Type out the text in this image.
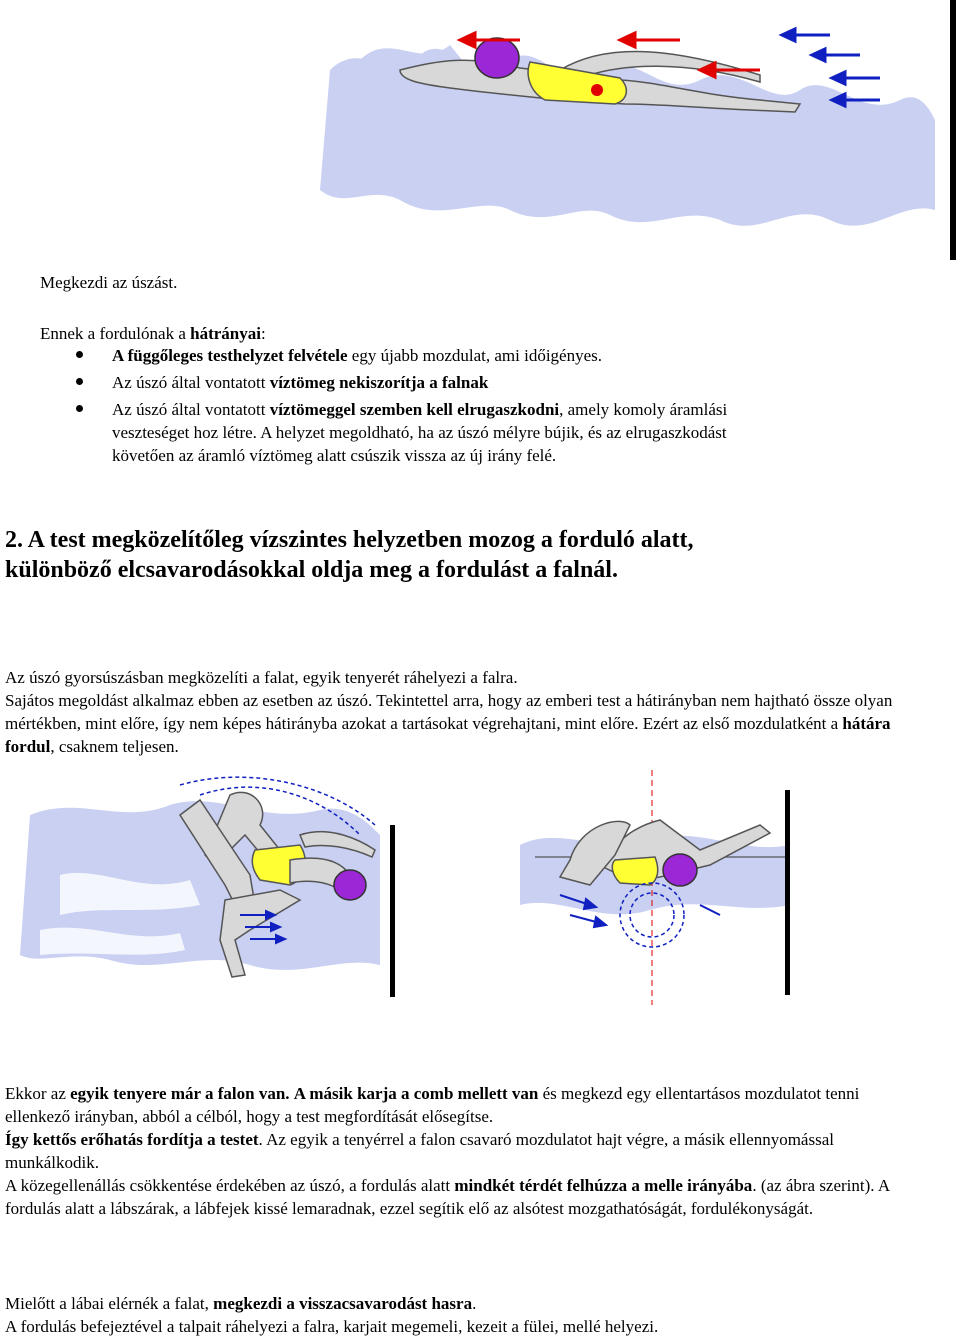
Megkezdi az úszást.
Ennek a fordulónak a hátrányai:
A függőleges testhelyzet felvétele egy újabb mozdulat, ami időigényes.
Az úszó által vontatott víztömeg nekiszorítja a falnak
Az úszó által vontatott víztömeggel szemben kell elrugaszkodni, amely komoly áramlási
veszteséget hoz létre. A helyzet megoldható, ha az úszó mélyre bújik, és az elrugaszkodást
követően az áramló víztömeg alatt csúszik vissza az új irány felé.
2. A test megközelítőleg vízszintes helyzetben mozog a forduló alatt,
különböző elcsavarodásokkal oldja meg a fordulást a falnál.
Az úszó gyorsúszásban megközelíti a falat, egyik tenyerét ráhelyezi a falra.
Sajátos megoldást alkalmaz ebben az esetben az úszó. Tekintettel arra, hogy az emberi test a hátirányban nem hajtható össze olyan mértékben, mint előre, így nem képes hátirányba azokat a tartásokat végrehajtani, mint előre. Ezért az első mozdulatként a hátára fordul, csaknem teljesen.
Ekkor az egyik tenyere már a falon van. A másik karja a comb mellett van és megkezd egy ellentartásos mozdulatot tenni ellenkező irányban, abból a célból, hogy a test megfordítását elősegítse.
Így kettős erőhatás fordítja a testet. Az egyik a tenyérrel a falon csavaró mozdulatot hajt végre, a másik ellennyomással munkálkodik.
A közegellenállás csökkentése érdekében az úszó, a fordulás alatt mindkét térdét felhúzza a melle irányába. (az ábra szerint). A fordulás alatt a lábszárak, a lábfejek kissé lemaradnak, ezzel segítik elő az alsótest mozgathatóságát, fordulékonyságát.
Mielőtt a lábai elérnék a falat, megkezdi a visszacsavarodást hasra.
A fordulás befejeztével a talpait ráhelyezi a falra, karjait megemeli, kezeit a fülei, mellé helyezi.
